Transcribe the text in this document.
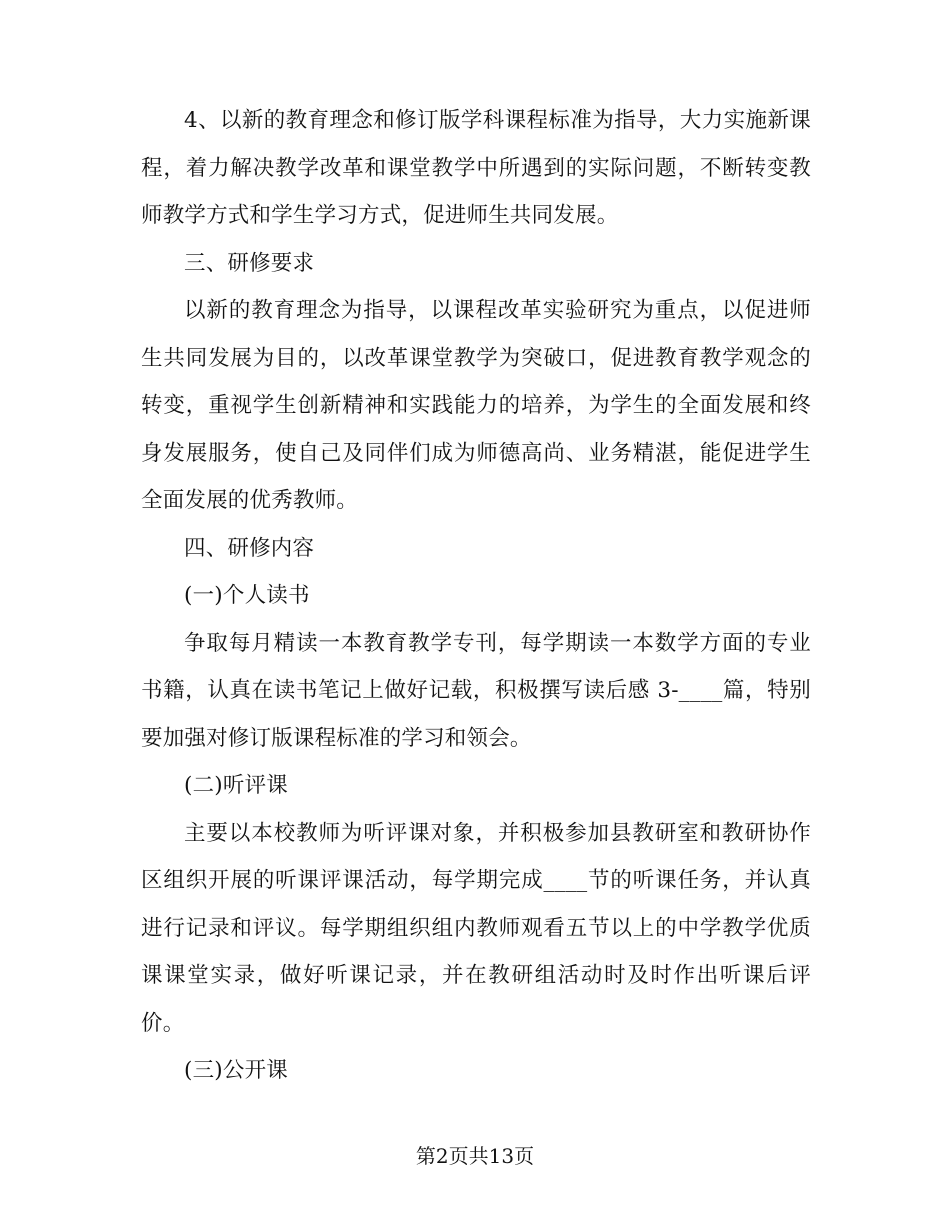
4、以新的教育理念和修订版学科课程标准为指导，大力实施新课程，着力解决教学改革和课堂教学中所遇到的实际问题，不断转变教师教学方式和学生学习方式，促进师生共同发展。

三、研修要求

以新的教育理念为指导，以课程改革实验研究为重点，以促进师生共同发展为目的，以改革课堂教学为突破口，促进教育教学观念的转变，重视学生创新精神和实践能力的培养，为学生的全面发展和终身发展服务，使自己及同伴们成为师德高尚、业务精湛，能促进学生全面发展的优秀教师。

四、研修内容

(一)个人读书

争取每月精读一本教育教学专刊，每学期读一本数学方面的专业书籍，认真在读书笔记上做好记载，积极撰写读后感 3-____篇，特别要加强对修订版课程标准的学习和领会。

(二)听评课

主要以本校教师为听评课对象，并积极参加县教研室和教研协作区组织开展的听课评课活动，每学期完成____节的听课任务，并认真进行记录和评议。每学期组织组内教师观看五节以上的中学教学优质课课堂实录，做好听课记录，并在教研组活动时及时作出听课后评价。

(三)公开课

第2页共13页
